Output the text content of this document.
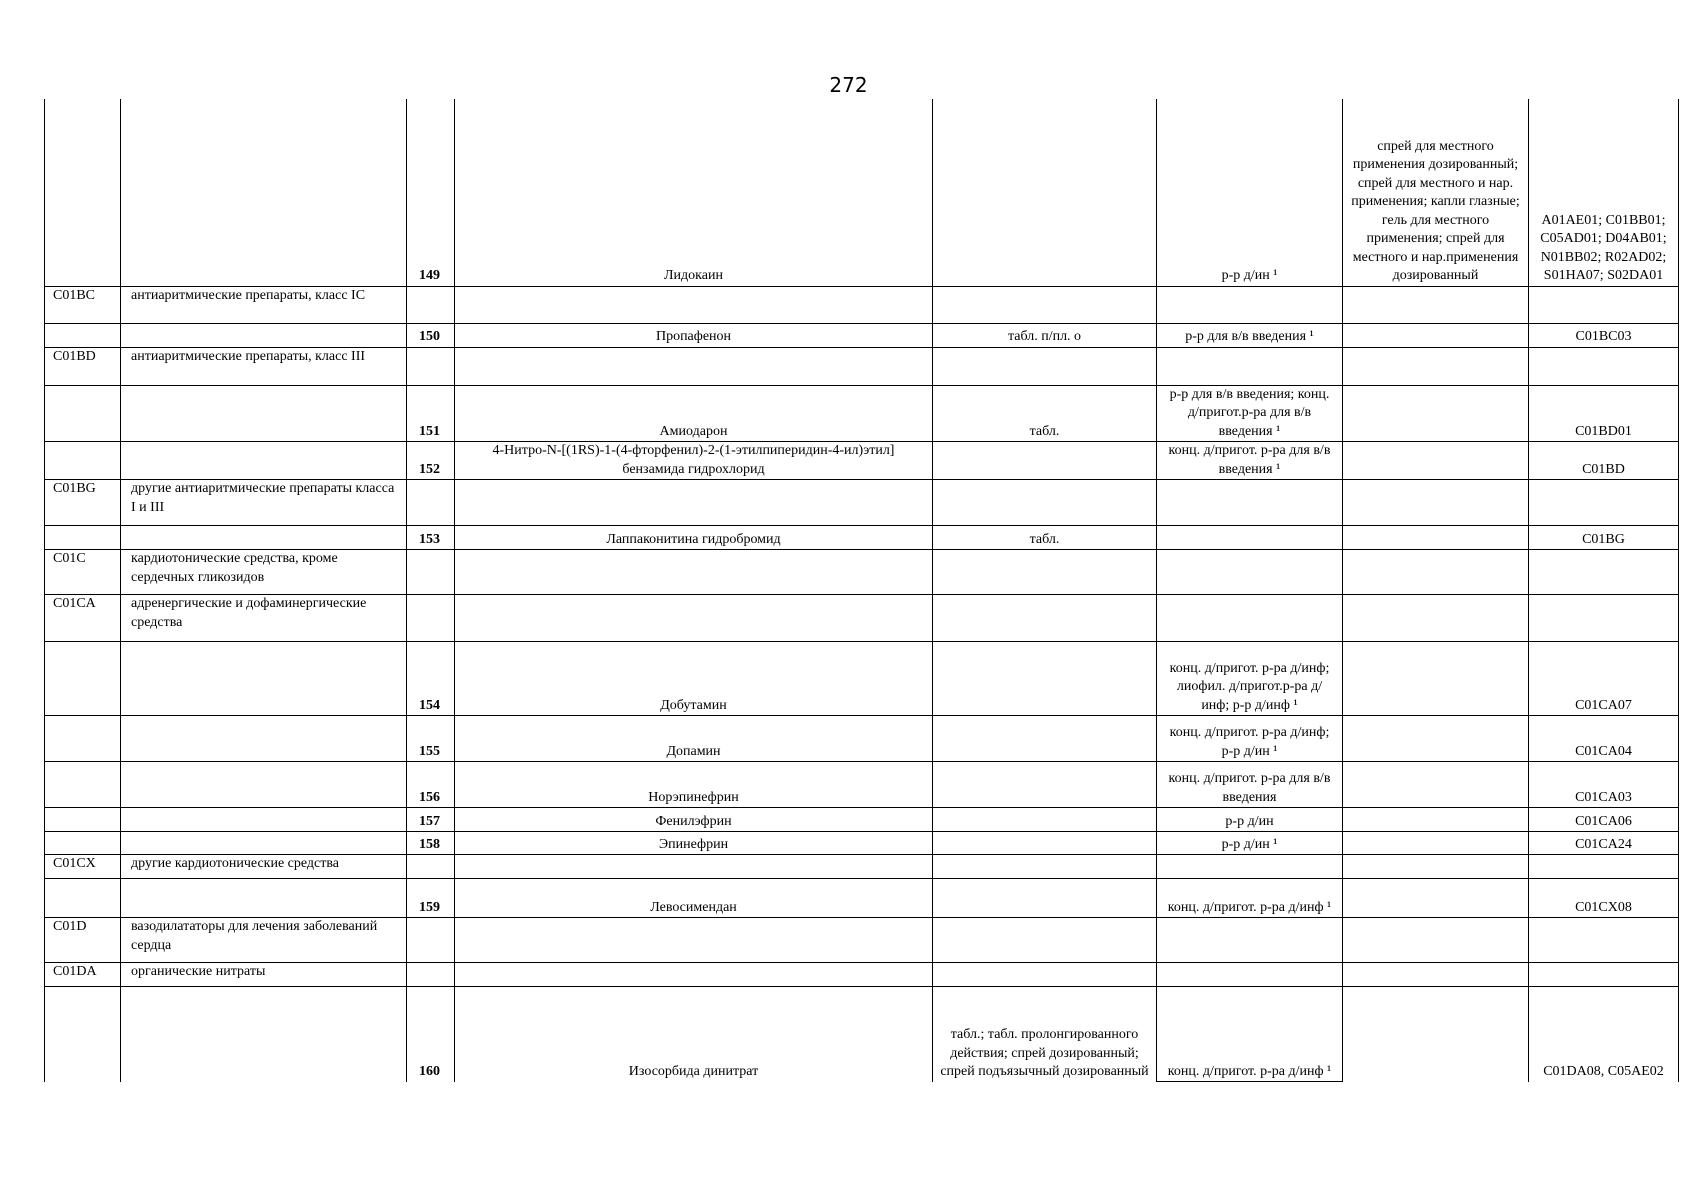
272
		149	Лидокаин		р-р д/ин ¹	спрей для местного применения дозированный; спрей для местного и нар. применения; капли глазные; гель для местного применения; спрей для местного и нар.применения дозированный	A01AE01; C01BB01; C05AD01; D04AB01; N01BB02; R02AD02; S01HA07; S02DA01
C01BC	антиаритмические препараты, класс IC						
		150	Пропафенон	табл. п/пл. о	р-р для в/в введения ¹		C01BC03
C01BD	антиаритмические препараты, класс III						
		151	Амиодарон	табл.	р-р для в/в введения; конц. д/пригот.р-ра для в/в введения ¹		C01BD01
		152	4-Нитро-N-[(1RS)-1-(4-фторфенил)-2-(1-этилпиперидин-4-ил)этил] бензамида гидрохлорид		конц. д/пригот. р-ра для в/в введения ¹		C01BD
C01BG	другие антиаритмические препараты класса I и III						
		153	Лаппаконитина гидробромид	табл.			C01BG
C01C	кардиотонические средства, кроме сердечных гликозидов						
C01CA	адренергические и дофаминергические средства						
		154	Добутамин		конц. д/пригот. р-ра д/инф; лиофил. д/пригот.р-ра д/инф; р-р д/инф ¹		C01CA07
		155	Допамин		конц. д/пригот. р-ра д/инф; р-р д/ин ¹		C01CA04
		156	Норэпинефрин		конц. д/пригот. р-ра для в/в введения		C01CA03
		157	Фенилэфрин		р-р д/ин		C01CA06
		158	Эпинефрин		р-р д/ин ¹		C01CA24
C01CX	другие кардиотонические средства						
		159	Левосимендан		конц. д/пригот. р-ра д/инф ¹		C01CX08
C01D	вазодилататоры для лечения заболеваний сердца						
C01DA	органические нитраты						
		160	Изосорбида динитрат	табл.; табл. пролонгированного действия; спрей дозированный; спрей подъязычный дозированный	конц. д/пригот. р-ра д/инф ¹		C01DA08, C05AE02
